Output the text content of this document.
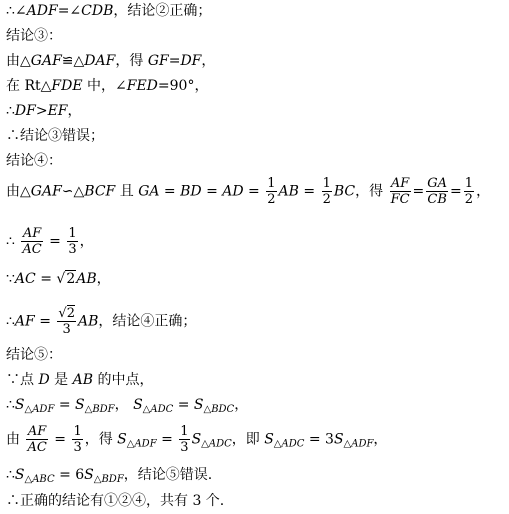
∴∠ADF=∠CDB，结论②正确；
结论③：
由△GAF≌△DAF，得 GF=DF，
在 Rt△FDE 中，∠FED=90°，
∴DF>EF，
∴结论③错误；
结论④：
由△GAF∽△BCF 且 GA = BD = AD = $\frac{1}{2}$ AB = $\frac{1}{2}$ BC，得 $\frac{AF}{FC} = \frac{GA}{CB} = \frac{1}{2}$ ，
∴ $\frac{AF}{AC} = \frac{1}{3}$ ，
∵AC = √2AB，
∴AF = $\frac{√2}{3}$ AB，结论④正确；
结论⑤：
∵点 D 是 AB 的中点，
$\therefore S_{\triangle ADF} = S_{\triangle BDF}$， $S_{\triangle ADC} = S_{\triangle BDC}$，
由 $\frac{AF}{AC} = \frac{1}{3}$ ，得 $S_{\triangle ADF} = \frac{1}{3} S_{\triangle ADC}$，即 $S_{\triangle ADC} = 3S_{\triangle ADF}$，
$\therefore S_{\triangle ABC} = 6S_{\triangle BDF}$，结论⑤错误.
∴正确的结论有①②④，共有 3 个.
